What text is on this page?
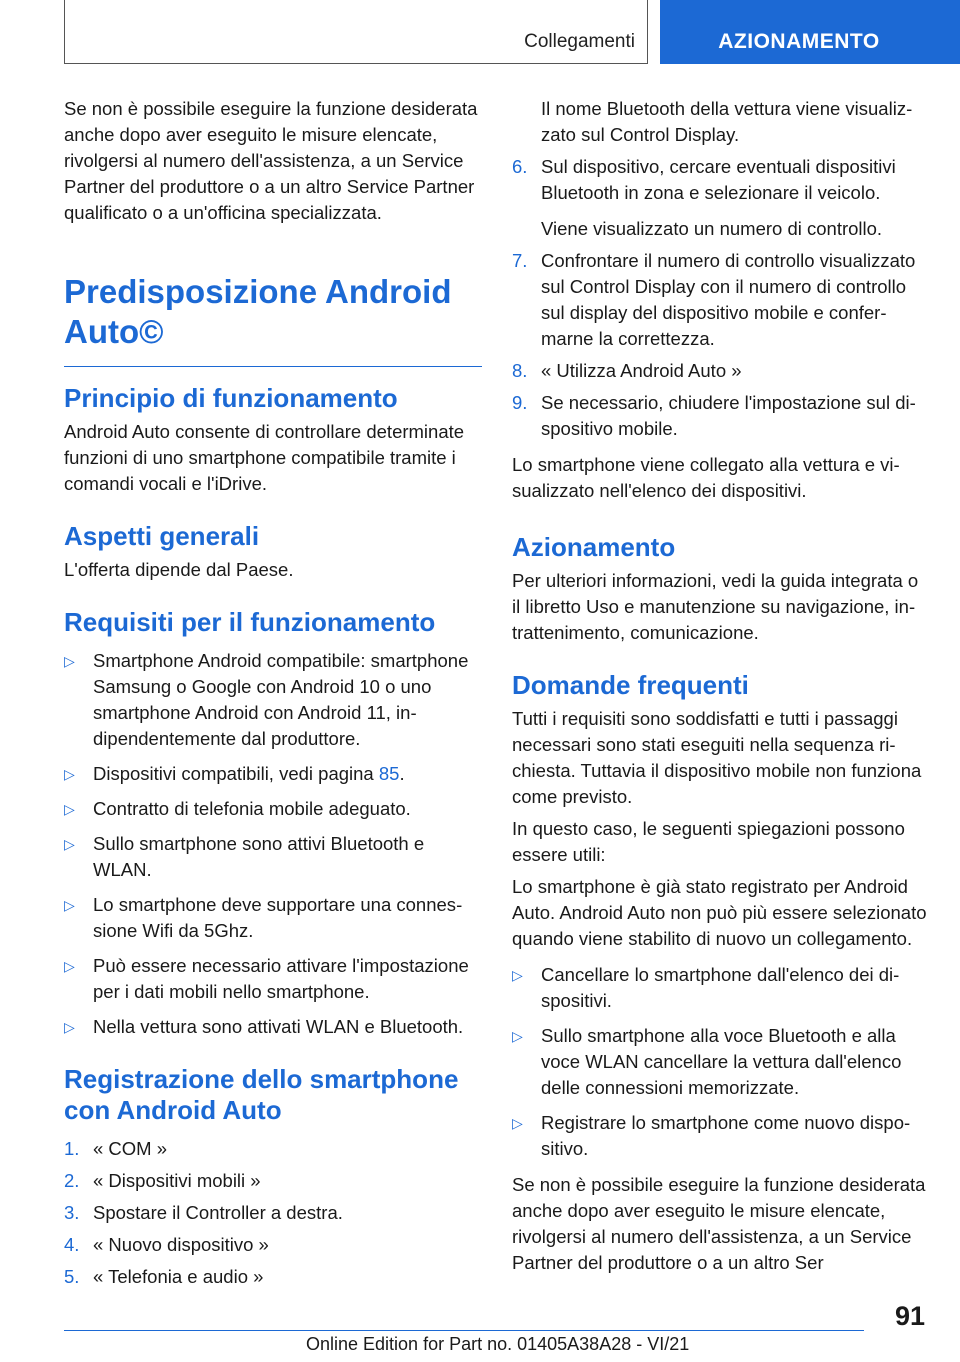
Collegamenti	AZIONAMENTO

Se non è possibile eseguire la funzione desiderata anche dopo aver eseguito le misure elencate, rivolgersi al numero dell'assistenza, a un Service Partner del produttore o a un altro Service Partner qualificato o a un'officina specializzata.

Predisposizione Android Auto©
Principio di funzionamento

Android Auto consente di controllare determinate funzioni di uno smartphone compatibile tramite i comandi vocali e l'iDrive.

Aspetti generali

L'offerta dipende dal Paese.

Requisiti per il funzionamento
▷ Smartphone Android compatibile: smartphone Samsung o Google con Android 10 o uno smartphone Android con Android 11, indipendentemente dal produttore.
▷ Dispositivi compatibili, vedi pagina 85.
▷ Contratto di telefonia mobile adeguato.
▷ Sullo smartphone sono attivi Bluetooth e WLAN.
▷ Lo smartphone deve supportare una connessione Wifi da 5Ghz.
▷ Può essere necessario attivare l'impostazione per i dati mobili nello smartphone.
▷ Nella vettura sono attivati WLAN e Bluetooth.
Registrazione dello smartphone con Android Auto
1. « COM »
2. « Dispositivi mobili »
3. Spostare il Controller a destra.
4. « Nuovo dispositivo »
5. « Telefonia e audio »

Il nome Bluetooth della vettura viene visualizzato sul Control Display.

6. Sul dispositivo, cercare eventuali dispositivi Bluetooth in zona e selezionare il veicolo.

Viene visualizzato un numero di controllo.

7. Confrontare il numero di controllo visualizzato sul Control Display con il numero di controllo sul display del dispositivo mobile e confermarne la correttezza.
8. « Utilizza Android Auto »
9. Se necessario, chiudere l'impostazione sul dispositivo mobile.

Lo smartphone viene collegato alla vettura e visualizzato nell'elenco dei dispositivi.

Azionamento

Per ulteriori informazioni, vedi la guida integrata o il libretto Uso e manutenzione su navigazione, intrattenimento, comunicazione.

Domande frequenti

Tutti i requisiti sono soddisfatti e tutti i passaggi necessari sono stati eseguiti nella sequenza richiesta. Tuttavia il dispositivo mobile non funziona come previsto.

In questo caso, le seguenti spiegazioni possono essere utili:

Lo smartphone è già stato registrato per Android Auto. Android Auto non può più essere selezionato quando viene stabilito di nuovo un collegamento.

▷ Cancellare lo smartphone dall'elenco dei dispositivi.
▷ Sullo smartphone alla voce Bluetooth e alla voce WLAN cancellare la vettura dall'elenco delle connessioni memorizzate.
▷ Registrare lo smartphone come nuovo dispositivo.

Se non è possibile eseguire la funzione desiderata anche dopo aver eseguito le misure elencate, rivolgersi al numero dell'assistenza, a un Service Partner del produttore o a un altro Ser

91
Online Edition for Part no. 01405A38A28 - VI/21
